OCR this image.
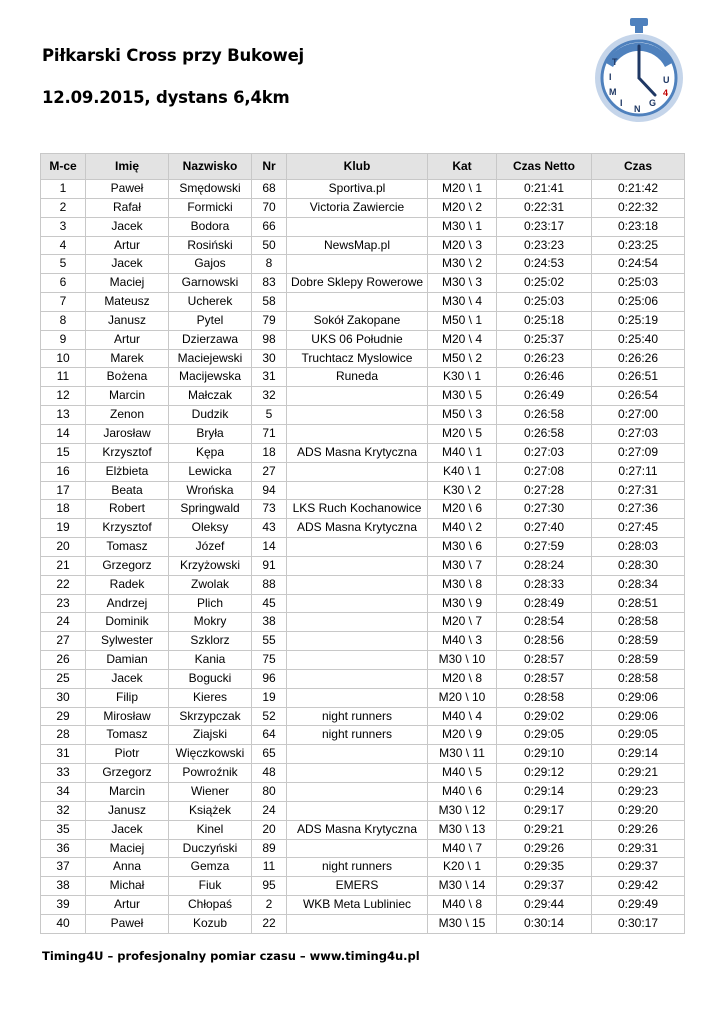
Piłkarski Cross przy Bukowej
12.09.2015, dystans 6,4km
T
I
M
I
N
G
4
U
M-ce	Imię	Nazwisko	Nr	Klub	Kat	Czas Netto	Czas
1	Paweł	Smędowski	68	Sportiva.pl	M20 \ 1	0:21:41	0:21:42
2	Rafał	Formicki	70	Victoria Zawiercie	M20 \ 2	0:22:31	0:22:32
3	Jacek	Bodora	66		M30 \ 1	0:23:17	0:23:18
4	Artur	Rosiński	50	NewsMap.pl	M20 \ 3	0:23:23	0:23:25
5	Jacek	Gajos	8		M30 \ 2	0:24:53	0:24:54
6	Maciej	Garnowski	83	Dobre Sklepy Rowerowe	M30 \ 3	0:25:02	0:25:03
7	Mateusz	Ucherek	58		M30 \ 4	0:25:03	0:25:06
8	Janusz	Pytel	79	Sokół Zakopane	M50 \ 1	0:25:18	0:25:19
9	Artur	Dzierzawa	98	UKS 06 Południe	M20 \ 4	0:25:37	0:25:40
10	Marek	Maciejewski	30	Truchtacz Myslowice	M50 \ 2	0:26:23	0:26:26
11	Bożena	Macijewska	31	Runeda	K30 \ 1	0:26:46	0:26:51
12	Marcin	Małczak	32		M30 \ 5	0:26:49	0:26:54
13	Zenon	Dudzik	5		M50 \ 3	0:26:58	0:27:00
14	Jarosław	Bryła	71		M20 \ 5	0:26:58	0:27:03
15	Krzysztof	Kępa	18	ADS Masna Krytyczna	M40 \ 1	0:27:03	0:27:09
16	Elżbieta	Lewicka	27		K40 \ 1	0:27:08	0:27:11
17	Beata	Wrońska	94		K30 \ 2	0:27:28	0:27:31
18	Robert	Springwald	73	LKS Ruch Kochanowice	M20 \ 6	0:27:30	0:27:36
19	Krzysztof	Oleksy	43	ADS Masna Krytyczna	M40 \ 2	0:27:40	0:27:45
20	Tomasz	Józef	14		M30 \ 6	0:27:59	0:28:03
21	Grzegorz	Krzyżowski	91		M30 \ 7	0:28:24	0:28:30
22	Radek	Zwolak	88		M30 \ 8	0:28:33	0:28:34
23	Andrzej	Plich	45		M30 \ 9	0:28:49	0:28:51
24	Dominik	Mokry	38		M20 \ 7	0:28:54	0:28:58
27	Sylwester	Szklorz	55		M40 \ 3	0:28:56	0:28:59
26	Damian	Kania	75		M30 \ 10	0:28:57	0:28:59
25	Jacek	Bogucki	96		M20 \ 8	0:28:57	0:28:58
30	Filip	Kieres	19		M20 \ 10	0:28:58	0:29:06
29	Mirosław	Skrzypczak	52	night runners	M40 \ 4	0:29:02	0:29:06
28	Tomasz	Ziajski	64	night runners	M20 \ 9	0:29:05	0:29:05
31	Piotr	Więczkowski	65		M30 \ 11	0:29:10	0:29:14
33	Grzegorz	Powroźnik	48		M40 \ 5	0:29:12	0:29:21
34	Marcin	Wiener	80		M40 \ 6	0:29:14	0:29:23
32	Janusz	Książek	24		M30 \ 12	0:29:17	0:29:20
35	Jacek	Kinel	20	ADS Masna Krytyczna	M30 \ 13	0:29:21	0:29:26
36	Maciej	Duczyński	89		M40 \ 7	0:29:26	0:29:31
37	Anna	Gemza	11	night runners	K20 \ 1	0:29:35	0:29:37
38	Michał	Fiuk	95	EMERS	M30 \ 14	0:29:37	0:29:42
39	Artur	Chłopaś	2	WKB Meta Lubliniec	M40 \ 8	0:29:44	0:29:49
40	Paweł	Kozub	22		M30 \ 15	0:30:14	0:30:17
Timing4U – profesjonalny pomiar czasu – www.timing4u.pl
